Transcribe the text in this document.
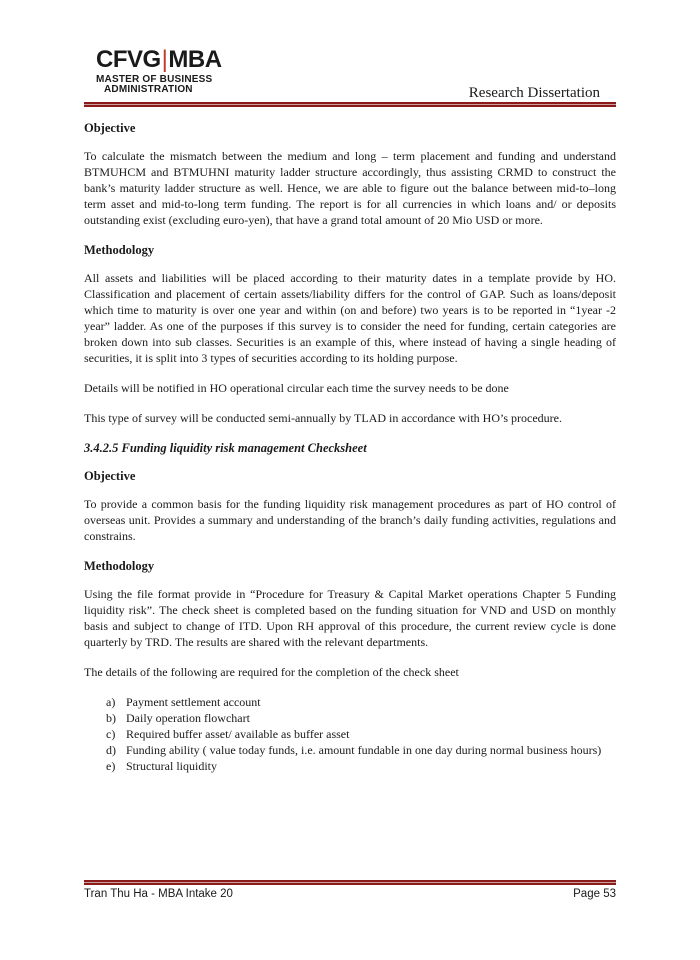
CFVG|MBA
MASTER OF BUSINESS
ADMINISTRATION	Research Dissertation
Objective

To calculate the mismatch between the medium and long – term placement and funding and understand BTMUHCM and BTMUHNI maturity ladder structure accordingly, thus assisting CRMD to construct the bank’s maturity ladder structure as well. Hence, we are able to figure out the balance between mid-to–long term asset and mid-to-long term funding. The report is for all currencies in which loans and/ or deposits outstanding exist (excluding euro-yen), that have a grand total amount of 20 Mio USD or more.

Methodology

All assets and liabilities will be placed according to their maturity dates in a template provide by HO. Classification and placement of certain assets/liability differs for the control of GAP. Such as loans/deposit which time to maturity is over one year and within (on and before) two years is to be reported in “1year -2 year” ladder. As one of the purposes if this survey is to consider the need for funding, certain categories are broken down into sub classes. Securities is an example of this, where instead of having a single heading of securities, it is split into 3 types of securities according to its holding purpose.

Details will be notified in HO operational circular each time the survey needs to be done

This type of survey will be conducted semi-annually by TLAD in accordance with HO’s procedure.

3.4.2.5 Funding liquidity risk management Checksheet
Objective

To provide a common basis for the funding liquidity risk management procedures as part of HO control of overseas unit. Provides a summary and understanding of the branch’s daily funding activities, regulations and constrains.

Methodology

Using the file format provide in “Procedure for Treasury & Capital Market operations Chapter 5 Funding liquidity risk”. The check sheet is completed based on the funding situation for VND and USD on monthly basis and subject to change of ITD. Upon RH approval of this procedure, the current review cycle is done quarterly by TRD. The results are shared with the relevant departments.

The details of the following are required for the completion of the check sheet

a) Payment settlement account
b) Daily operation flowchart
c) Required buffer asset/ available as buffer asset
d) Funding ability ( value today funds, i.e. amount fundable in one day during normal business hours)
e) Structural liquidity
Tran Thu Ha - MBA Intake 20	Page 53
